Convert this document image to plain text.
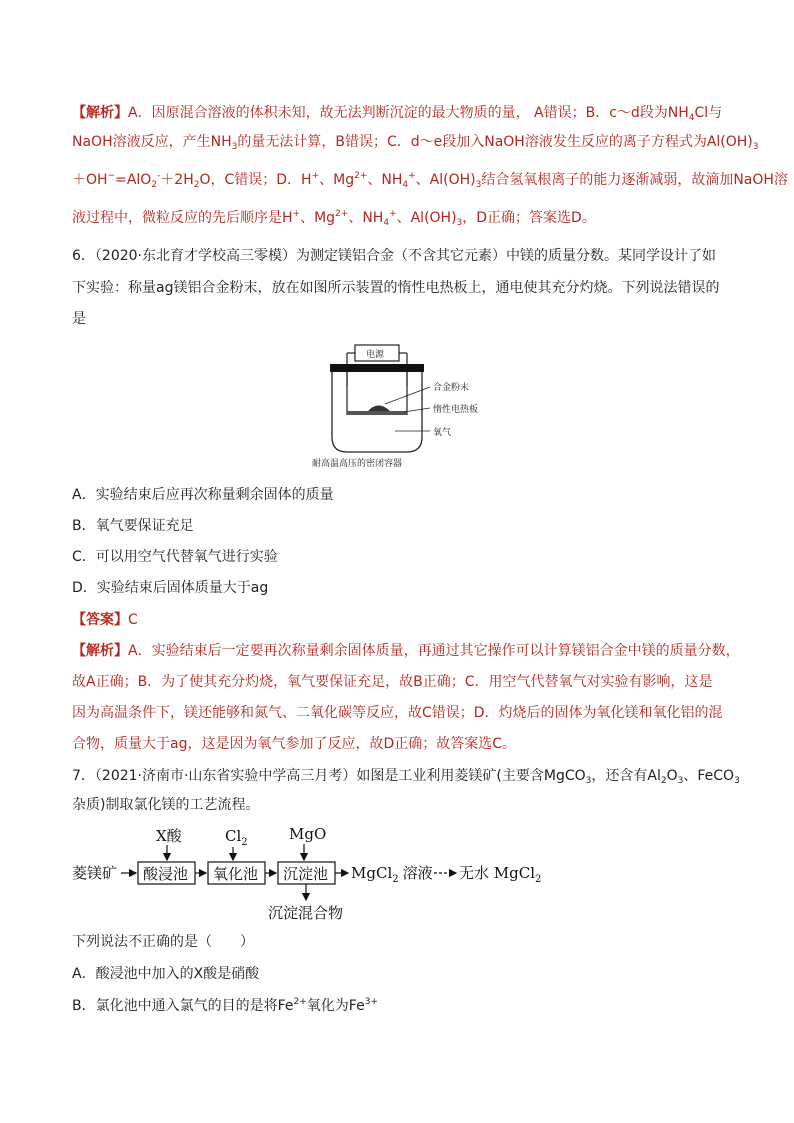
【解析】A．因原混合溶液的体积未知，故无法判断沉淀的最大物质的量， A错误；B．c～d段为$NH_4Cl$与
NaOH溶液反应，产生$NH_3$的量无法计算，B错误；C．d～e段加入NaOH溶液发生反应的离子方程式为$Al(OH)_3$
$+OH^-=AlO_2^-+2H_2O$，C错误；D．H+、$Mg^{2+}$、$NH_4^+$、$Al(OH)_3$结合氢氧根离子的能力逐渐减弱，故滴加NaOH溶
液过程中，微粒反应的先后顺序是H+、$Mg^{2+}$、$NH_4^+$、$Al(OH)_3$，D正确；答案选D。
6．（2020·东北育才学校高三零模）为测定镁铝合金（不含其它元素）中镁的质量分数。某同学设计了如
下实验：称量ag镁铝合金粉末，放在如图所示装置的惰性电热板上，通电使其充分灼烧。下列说法错误的
是
电源
合金粉末
惰性电热板
氧气
耐高温高压的密闭容器
A．实验结束后应再次称量剩余固体的质量
B．氧气要保证充足
C．可以用空气代替氧气进行实验
D．实验结束后固体质量大于ag
【答案】C
【解析】A．实验结束后一定要再次称量剩余固体质量，再通过其它操作可以计算镁铝合金中镁的质量分数，
故A正确；B．为了使其充分灼烧，氧气要保证充足，故B正确；C．用空气代替氧气对实验有影响，这是
因为高温条件下，镁还能够和氮气、二氧化碳等反应，故C错误；D．灼烧后的固体为氧化镁和氧化铝的混
合物，质量大于ag，这是因为氧气参加了反应，故D正确；故答案选C。
7．（2021·济南市·山东省实验中学高三月考）如图是工业利用菱镁矿(主要含MgCO$_3$，还含有$Al_2O_3$、FeCO$_3$
杂质)制取氯化镁的工艺流程。
X酸	$Cl_2$	MgO
菱镁矿 酸浸池 氧化池 沉淀池
沉淀混合物
MgCl$_2$ 溶液 无水 MgCl$_2$
下列说法不正确的是（　　）
A．酸浸池中加入的X酸是硝酸
B．氯化池中通入氯气的目的是将$Fe^{2+}$氧化为$Fe^{3+}$
